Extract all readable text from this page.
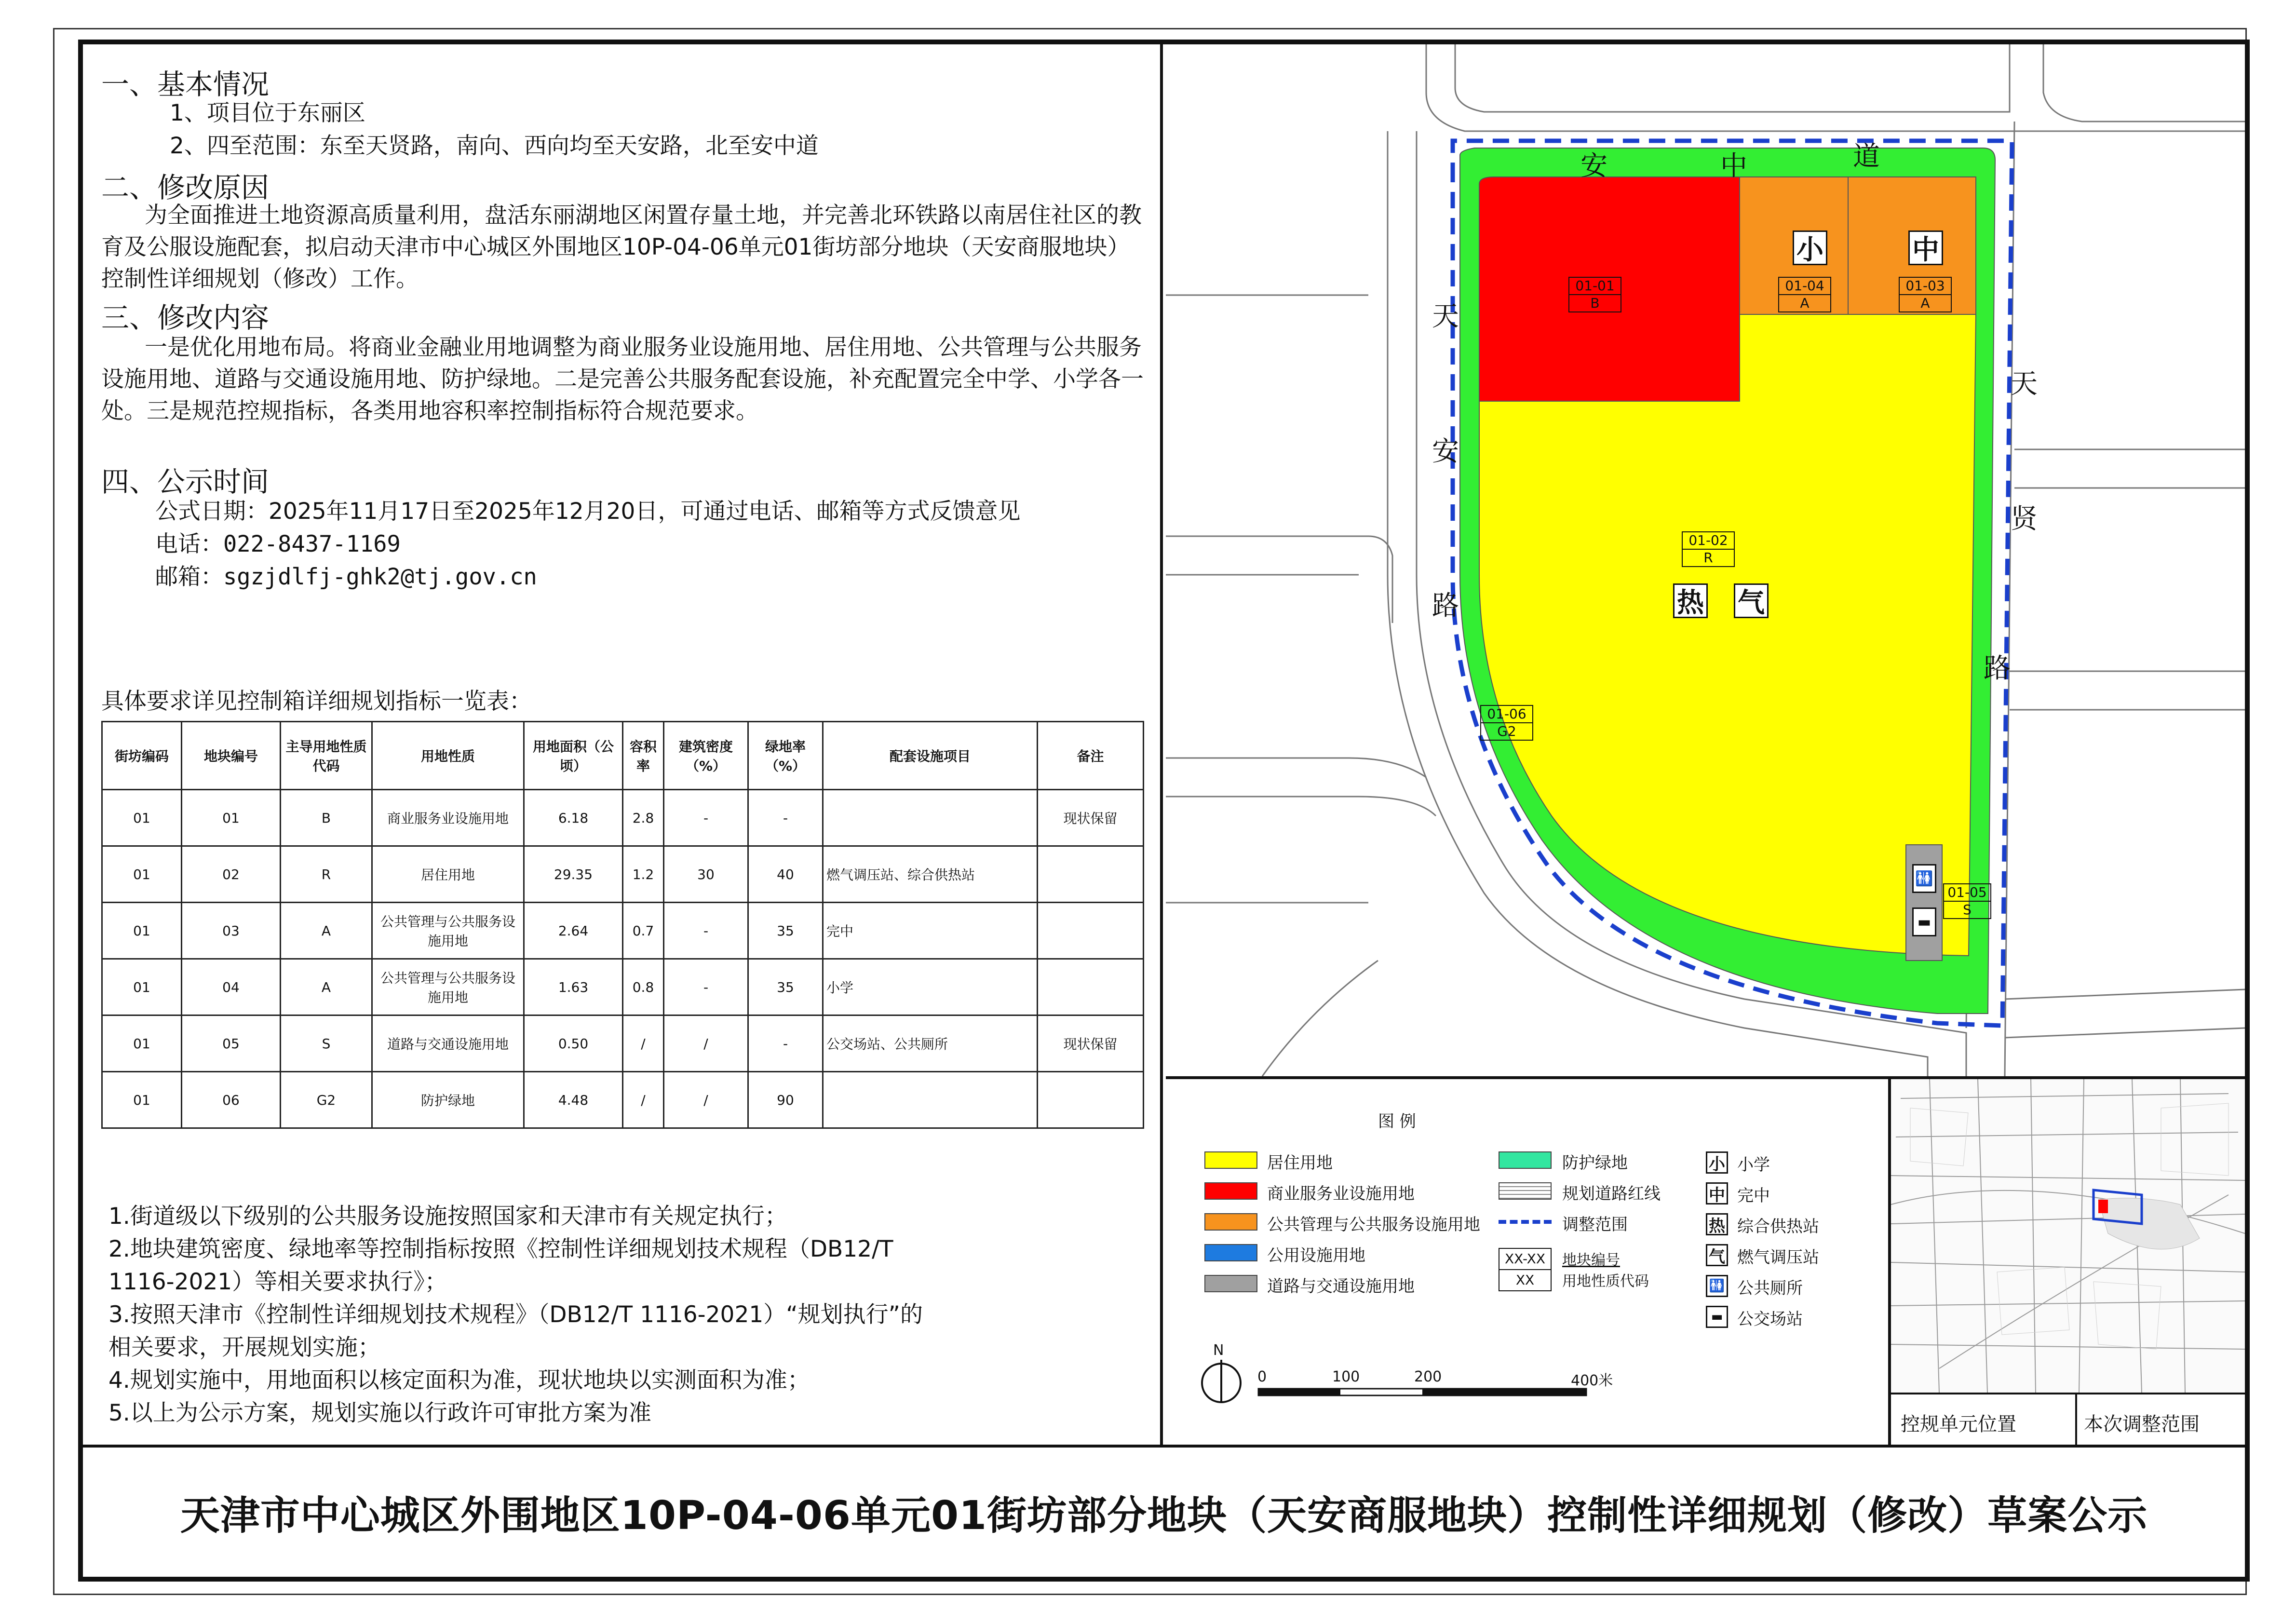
一、基本情况
1、项目位于东丽区
2、四至范围：东至天贤路，南向、西向均至天安路，北至安中道
二、修改原因
为全面推进土地资源高质量利用，盘活东丽湖地区闲置存量土地，并完善北环铁路以南居住社区的教育及公服设施配套，拟启动天津市中心城区外围地区10P-04-06单元01街坊部分地块（天安商服地块）控制性详细规划（修改）工作。
三、修改内容
一是优化用地布局。将商业金融业用地调整为商业服务业设施用地、居住用地、公共管理与公共服务设施用地、道路与交通设施用地、防护绿地。二是完善公共服务配套设施，补充配置完全中学、小学各一处。三是规范控规指标，各类用地容积率控制指标符合规范要求。
四、公示时间
公式日期：2025年11月17日至2025年12月20日，可通过电话、邮箱等方式反馈意见
电话：022-8437-1169
邮箱：sgzjdlfj-ghk2@tj.gov.cn
具体要求详见控制箱详细规划指标一览表：
街坊编码	地块编号	主导用地性质代码	用地性质	用地面积（公顷）	容积率	建筑密度（%）	绿地率（%）	配套设施项目	备注
01	01	B	商业服务业设施用地	6.18	2.8	-	-		现状保留
01	02	R	居住用地	29.35	1.2	30	40	燃气调压站、综合供热站	
01	03	A	公共管理与公共服务设施用地	2.64	0.7	-	35	完中	
01	04	A	公共管理与公共服务设施用地	1.63	0.8	-	35	小学	
01	05	S	道路与交通设施用地	0.50	/	/	-	公交场站、公共厕所	现状保留
01	06	G2	防护绿地	4.48	/	/	90		
1.街道级以下级别的公共服务设施按照国家和天津市有关规定执行；
2.地块建筑密度、绿地率等控制指标按照《控制性详细规划技术规程（DB12/T
1116-2021）等相关要求执行》；
3.按照天津市《控制性详细规划技术规程》（DB12/T 1116-2021）“规划执行”的
相关要求，开展规划实施；
4.规划实施中，用地面积以核定面积为准，现状地块以实测面积为准；
5.以上为公示方案，规划实施以行政许可审批方案为准
安	中	道
天
安
路
天
贤
路
01-01
B
01-02
R
01-03
A
01-04
A
01-05
S
01-06
G2
小	中
热 气
🚻
▬
图 例
居住用地
商业服务业设施用地
公共管理与公共服务设施用地
公用设施用地
道路与交通设施用地
防护绿地
规划道路红线
调整范围
XX-XX
XX
地块编号
用地性质代码
小 小学
中 完中
热 综合供热站
气 燃气调压站
🚻 公共厕所
▬ 公交场站
N
0	100	200	400米
控规单元位置	本次调整范围
天津市中心城区外围地区10P-04-06单元01街坊部分地块（天安商服地块）控制性详细规划（修改）草案公示
